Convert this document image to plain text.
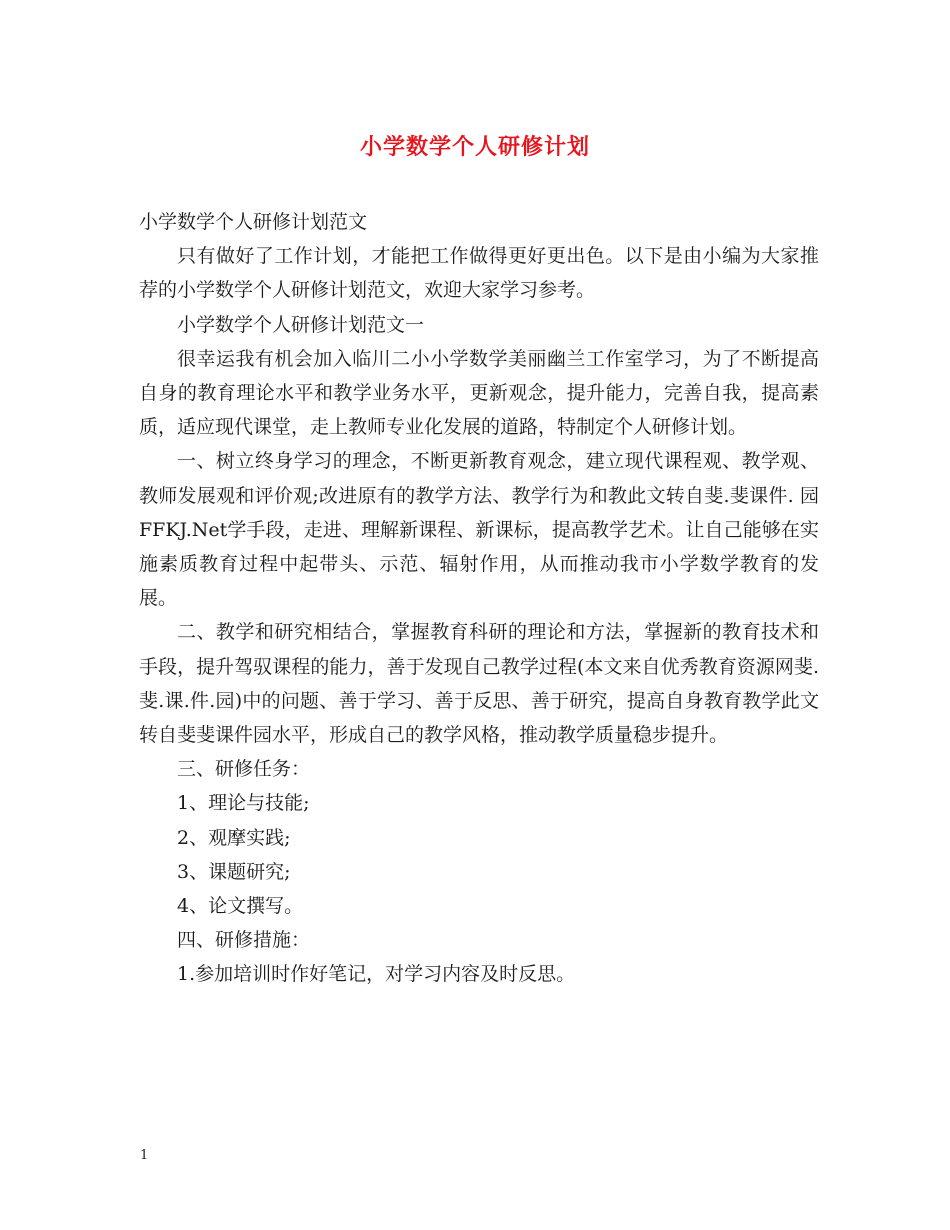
小学数学个人研修计划

小学数学个人研修计划范文

只有做好了工作计划，才能把工作做得更好更出色。以下是由小编为大家推荐的小学数学个人研修计划范文，欢迎大家学习参考。

小学数学个人研修计划范文一

很幸运我有机会加入临川二小小学数学美丽幽兰工作室学习，为了不断提高自身的教育理论水平和教学业务水平，更新观念，提升能力，完善自我，提高素质，适应现代课堂，走上教师专业化发展的道路，特制定个人研修计划。

一、树立终身学习的理念，不断更新教育观念，建立现代课程观、教学观、教师发展观和评价观;改进原有的教学方法、教学行为和教此文转自斐.斐课件. 园 FFKJ.Net学手段，走进、理解新课程、新课标，提高教学艺术。让自己能够在实施素质教育过程中起带头、示范、辐射作用，从而推动我市小学数学教育的发展。

二、教学和研究相结合，掌握教育科研的理论和方法，掌握新的教育技术和手段，提升驾驭课程的能力，善于发现自己教学过程(本文来自优秀教育资源网斐.斐.课.件.园)中的问题、善于学习、善于反思、善于研究，提高自身教育教学此文转自斐斐课件园水平，形成自己的教学风格，推动教学质量稳步提升。

三、研修任务：

1、理论与技能;

2、观摩实践;

3、课题研究;

4、论文撰写。

四、研修措施：

1.参加培训时作好笔记，对学习内容及时反思。

1
